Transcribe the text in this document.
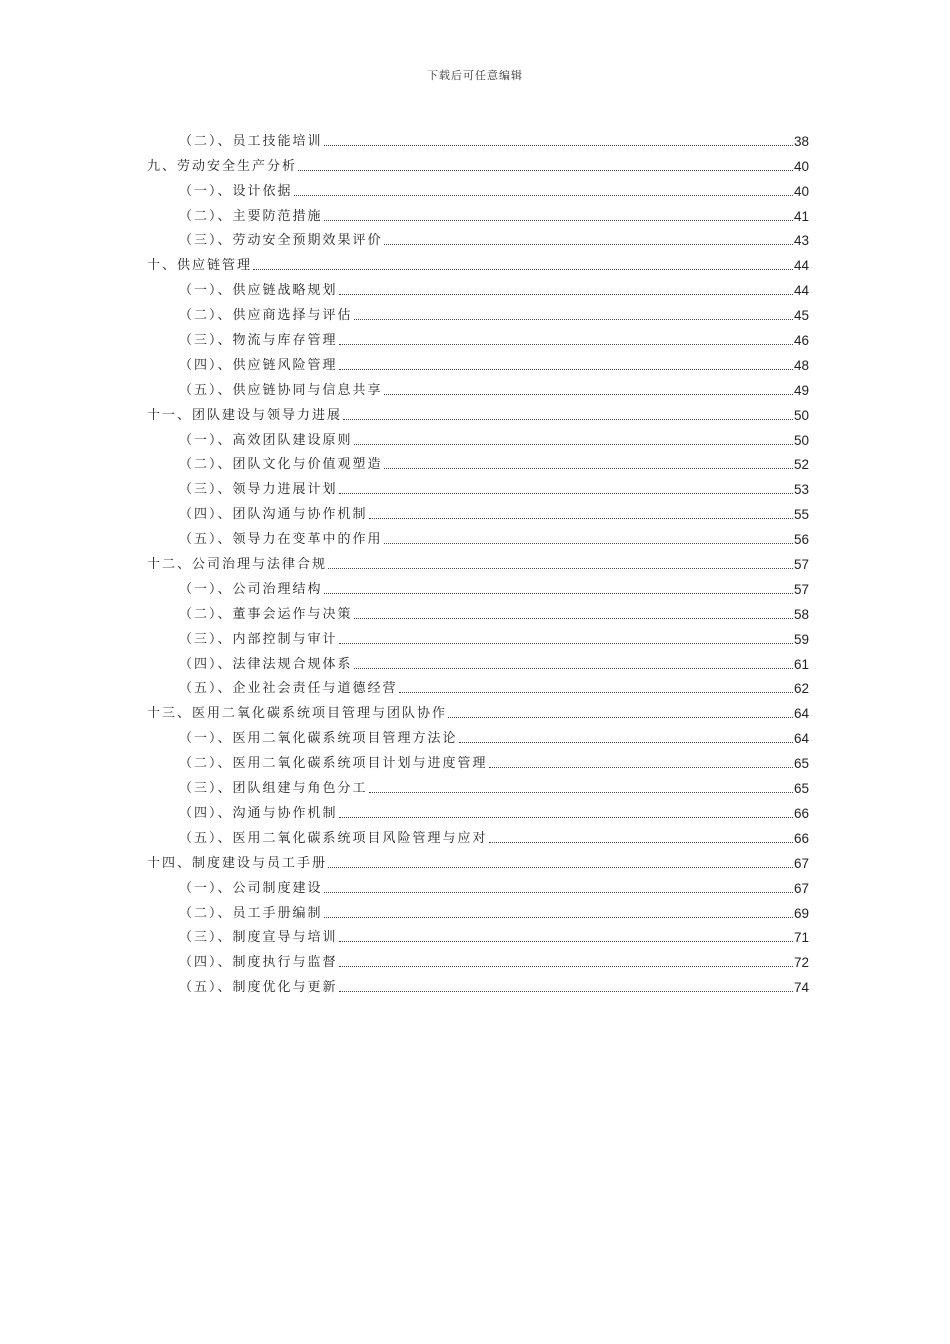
下载后可任意编辑
（二）、员工技能培训	38
九、劳动安全生产分析	40
（一）、设计依据	40
（二）、主要防范措施	41
（三）、劳动安全预期效果评价	43
十、供应链管理	44
（一）、供应链战略规划	44
（二）、供应商选择与评估	45
（三）、物流与库存管理	46
（四）、供应链风险管理	48
（五）、供应链协同与信息共享	49
十一、团队建设与领导力进展	50
（一）、高效团队建设原则	50
（二）、团队文化与价值观塑造	52
（三）、领导力进展计划	53
（四）、团队沟通与协作机制	55
（五）、领导力在变革中的作用	56
十二、公司治理与法律合规	57
（一）、公司治理结构	57
（二）、董事会运作与决策	58
（三）、内部控制与审计	59
（四）、法律法规合规体系	61
（五）、企业社会责任与道德经营	62
十三、医用二氧化碳系统项目管理与团队协作	64
（一）、医用二氧化碳系统项目管理方法论	64
（二）、医用二氧化碳系统项目计划与进度管理	65
（三）、团队组建与角色分工	65
（四）、沟通与协作机制	66
（五）、医用二氧化碳系统项目风险管理与应对	66
十四、制度建设与员工手册	67
（一）、公司制度建设	67
（二）、员工手册编制	69
（三）、制度宣导与培训	71
（四）、制度执行与监督	72
（五）、制度优化与更新	74
